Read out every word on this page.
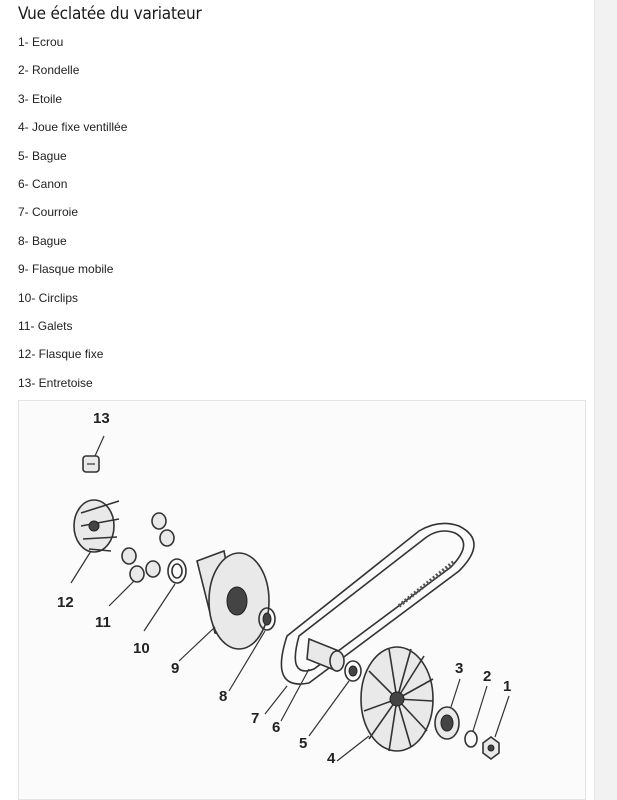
Vue éclatée du variateur
1- Ecrou
2- Rondelle
3- Etoile
4- Joue fixe ventillée
5- Bague
6- Canon
7- Courroie
8- Bague
9- Flasque mobile
10- Circlips
11- Galets
12- Flasque fixe
13- Entretoise
13
12
11
10
9
8
7
6
5
4
3 2
1
